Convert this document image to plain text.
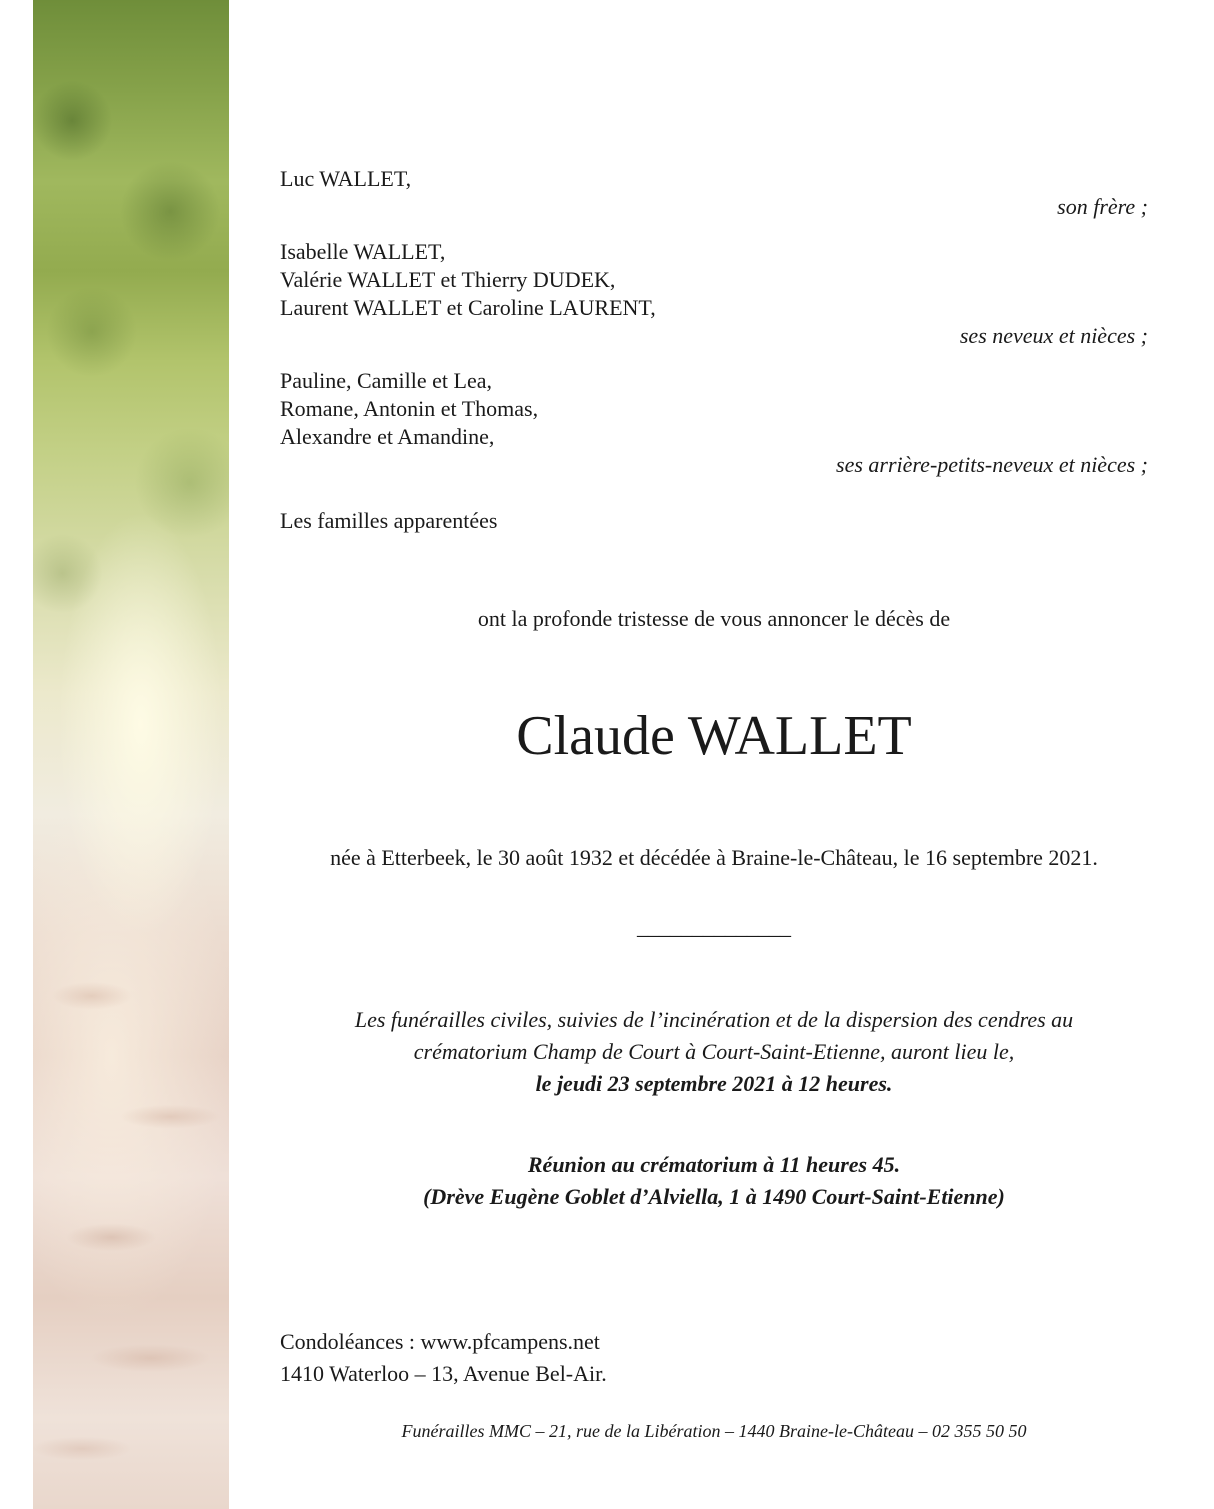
Luc WALLET,
son frère ;
Isabelle WALLET,
Valérie WALLET et Thierry DUDEK,
Laurent WALLET et Caroline LAURENT,
ses neveux et nièces ;
Pauline, Camille et Lea,
Romane, Antonin et Thomas,
Alexandre et Amandine,
ses arrière-petits-neveux et nièces ;
Les familles apparentées
ont la profonde tristesse de vous annoncer le décès de
Claude WALLET
née à Etterbeek, le 30 août 1932 et décédée à Braine-le-Château, le 16 septembre 2021.
______________
Les funérailles civiles, suivies de l’incinération et de la dispersion des cendres au
crématorium Champ de Court à Court-Saint-Etienne, auront lieu le,
le jeudi 23 septembre 2021 à 12 heures.
Réunion au crématorium à 11 heures 45.
(Drève Eugène Goblet d’Alviella, 1 à 1490 Court-Saint-Etienne)
Condoléances : www.pfcampens.net
1410 Waterloo – 13, Avenue Bel-Air.
Funérailles MMC – 21, rue de la Libération – 1440 Braine-le-Château – 02 355 50 50
